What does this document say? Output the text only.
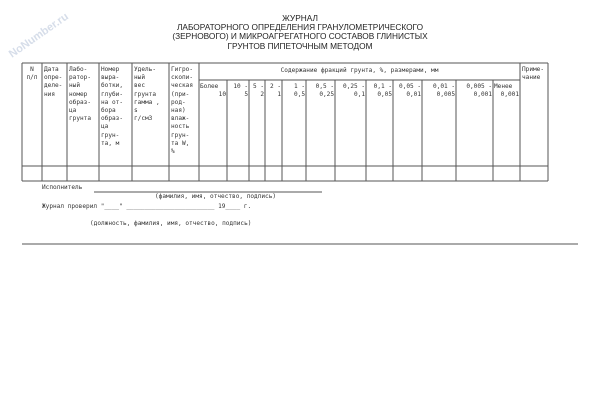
NoNumber.ru	ЖУРНАЛ
ЛАБОРАТОРНОГО ОПРЕДЕЛЕНИЯ ГРАНУЛОМЕТРИЧЕСКОГО
(ЗЕРНОВОГО) И МИКРОАГРЕГАТНОГО СОСТАВОВ ГЛИНИСТЫХ
ГРУНТОВ ПИПЕТОЧНЫМ МЕТОДОМ
N
п/п
Дата
опре-
деле-
ния
Лабо-
ратор-
ный
номер
образ-
ца
грунта
Номер
выра-
ботки,
глуби-
на от-
бора
образ-
ца
грун-
та, м
Удель-
ный
вес
грунта
гамма ,
s
г/см3
Гигро-
скопи-
ческая
(при-
род-
ная)
влаж-
ность
грун-
та W,
%
Содержание фракций грунта, %, размерами, мм
Более
10
10 -
5
5 -
2
2 -
1
1 -
0,5
0,5 -
0,25
0,25 -
0,1
0,1 -
0,05
0,05 -
0,01
0,01 -
0,005
0,005 -
0,001
Менее
0,001
Приме-
чание
Исполнитель
(фамилия, имя, отчество, подпись)
Журнал проверил "____" ________________________ 19____ г.
(должность, фамилия, имя, отчество, подпись)
